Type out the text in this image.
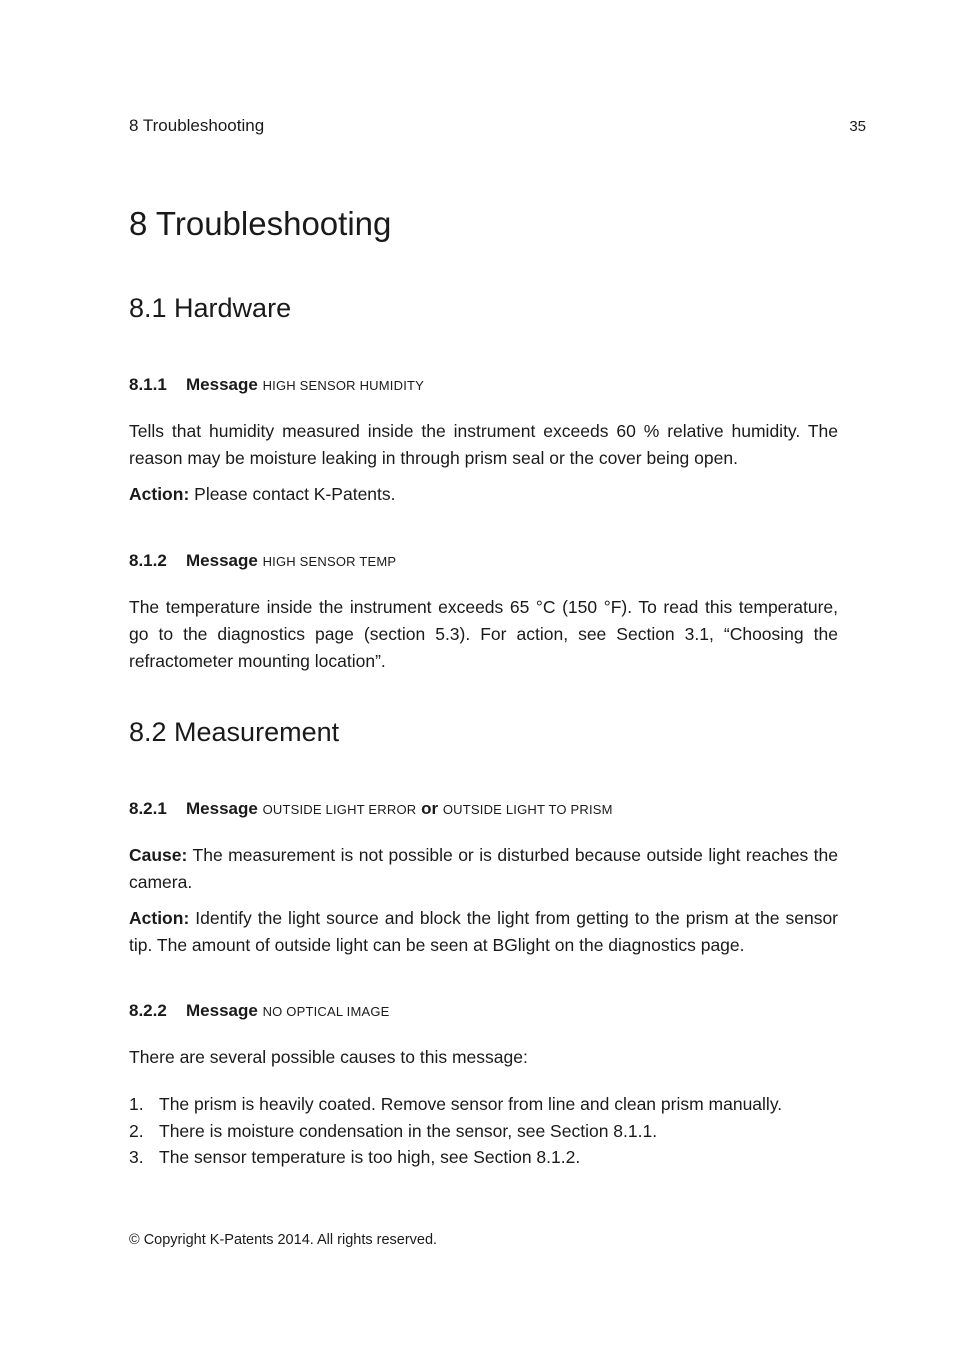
8 Troubleshooting	35
8 Troubleshooting
8.1 Hardware
8.1.1 Message HIGH SENSOR HUMIDITY

Tells that humidity measured inside the instrument exceeds 60 % relative humidity. The reason may be moisture leaking in through prism seal or the cover being open.

Action: Please contact K-Patents.

8.1.2 Message HIGH SENSOR TEMP

The temperature inside the instrument exceeds 65 °C (150 °F). To read this temperature, go to the diagnostics page (section 5.3). For action, see Section 3.1, “Choosing the refractometer mounting location”.

8.2 Measurement
8.2.1 Message OUTSIDE LIGHT ERROR or OUTSIDE LIGHT TO PRISM

Cause: The measurement is not possible or is disturbed because outside light reaches the camera.

Action: Identify the light source and block the light from getting to the prism at the sensor tip. The amount of outside light can be seen at BGlight on the diagnostics page.

8.2.2 Message NO OPTICAL IMAGE

There are several possible causes to this message:

1. The prism is heavily coated. Remove sensor from line and clean prism manually.
2. There is moisture condensation in the sensor, see Section 8.1.1.
3. The sensor temperature is too high, see Section 8.1.2.
© Copyright K-Patents 2014. All rights reserved.
